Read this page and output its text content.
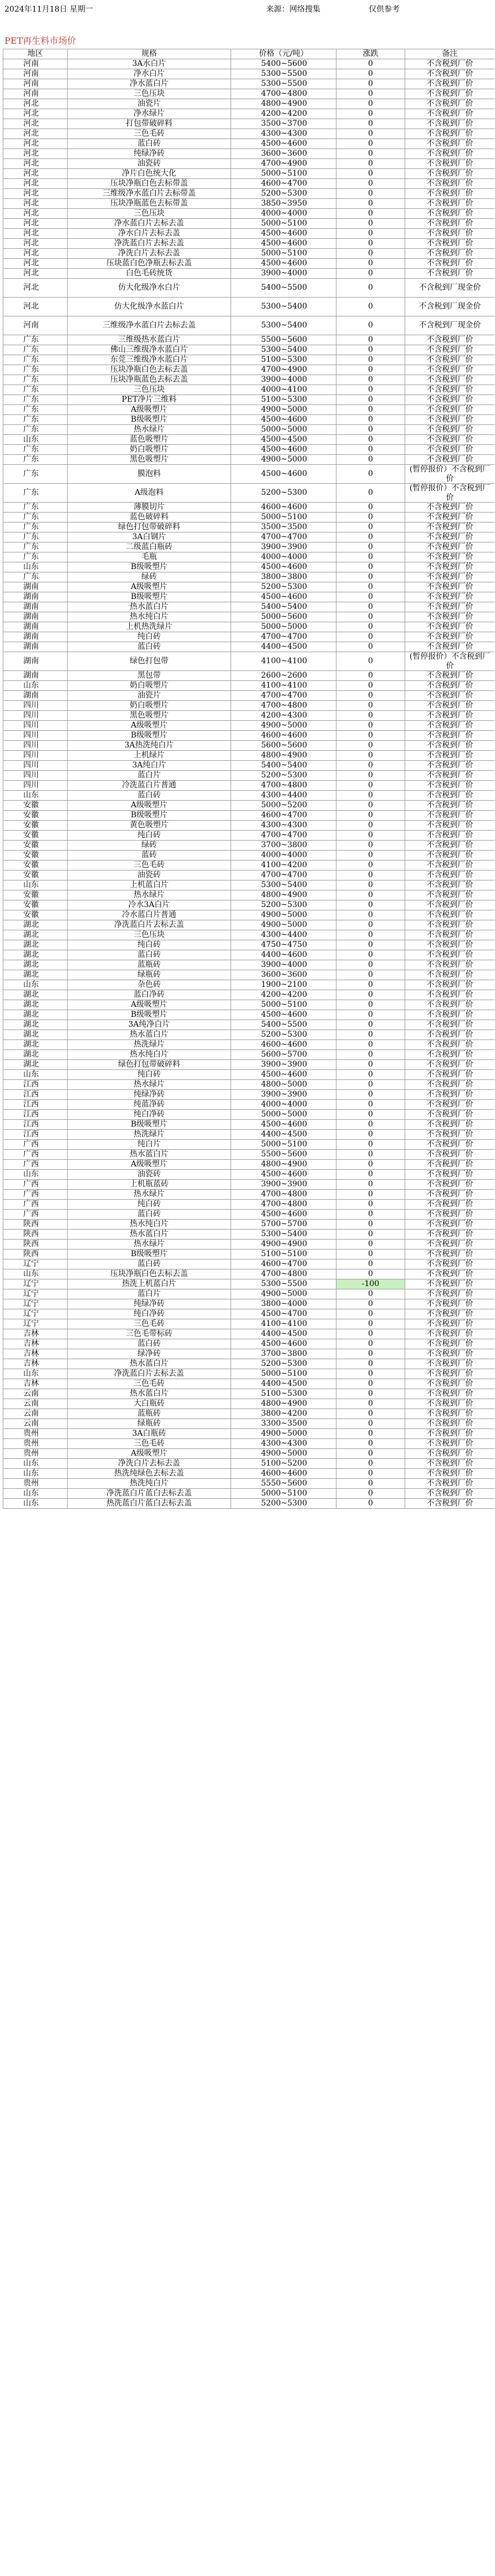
2024年11月18日 星期一	来源：网络搜集	仅供参考
PET再生料市场价
地区	规格	价格（元/吨）	涨跌	备注
河南	3A水白片	5400~5600	0	不含税到厂价
河南	净水白片	5300~5500	0	不含税到厂价
河南	净水蓝白片	5300~5500	0	不含税到厂价
河南	三色压块	4700~4800	0	不含税到厂价
河北	油瓷片	4800~4900	0	不含税到厂价
河北	净水绿片	4200~4200	0	不含税到厂价
河北	打包带破碎料	3500~3700	0	不含税到厂价
河北	三色毛砖	4300~4300	0	不含税到厂价
河北	蓝白砖	4500~4600	0	不含税到厂价
河北	纯绿净砖	3600~3600	0	不含税到厂价
河北	油瓷砖	4700~4900	0	不含税到厂价
河北	净片白色统大化	5000~5100	0	不含税到厂价
河北	压块净瓶白色去标带盖	4600~4700	0	不含税到厂价
河北	三维级净水蓝白片去标带盖	5200~5300	0	不含税到厂价
河北	压块净瓶蓝色去标带盖	3850~3950	0	不含税到厂价
河北	三色压块	4000~4000	0	不含税到厂价
河北	净水蓝白片去标去盖	5000~5100	0	不含税到厂价
河北	净水白片去标去盖	4500~4600	0	不含税到厂价
河北	净洗蓝白片去标去盖	4500~4600	0	不含税到厂价
河北	净洗白片去标去盖	5000~5100	0	不含税到厂价
河北	压块蓝白色净瓶去标去盖	4500~4600	0	不含税到厂价
河北	白色毛砖统货	3900~4000	0	不含税到厂价
河北	仿大化级净水白片	5400~5500	0	不含税到厂现金价
河北	仿大化级净水蓝白片	5300~5400	0	不含税到厂现金价
河南	三维级净水蓝白片去标去盖	5300~5400	0	不含税到厂现金价
广东	三维级热水蓝白片	5500~5600	0	不含税到厂价
广东	佛山三维级净水蓝白片	5300~5400	0	不含税到厂价
广东	东莞三维级净水蓝白片	5100~5300	0	不含税到厂价
广东	压块净瓶白色去标去盖	4700~4900	0	不含税到厂价
广东	压块净瓶蓝色去标去盖	3900~4000	0	不含税到厂价
广东	三色压块	4000~4100	0	不含税到厂价
广东	PET净片三维料	5100~5300	0	不含税到厂价
广东	A级吸塑片	4900~5000	0	不含税到厂价
广东	B级吸塑片	4500~4600	0	不含税到厂价
广东	热水绿片	5000~5000	0	不含税到厂价
山东	蓝色吸塑片	4500~4500	0	不含税到厂价
广东	奶白吸塑片	4500~4600	0	不含税到厂价
广东	黑色吸塑片	4900~5000	0	不含税到厂价
广东	膜泡料	4500~4600	0	(暂停报价）不含税到厂价
广东	A级泡料	5200~5300	0	(暂停报价）不含税到厂价
广东	薄膜切片	4600~4600	0	不含税到厂价
广东	蓝色破碎料	5000~5100	0	不含税到厂价
广东	绿色打包带破碎料	3500~3500	0	不含税到厂价
广东	3A白钢片	4700~4700	0	不含税到厂价
广东	二级蓝白瓶砖	3900~3900	0	不含税到厂价
广东	毛瓶	4000~4000	0	不含税到厂价
山东	B级吸塑片	4500~4600	0	不含税到厂价
广东	绿砖	3800~3800	0	不含税到厂价
湖南	A级吸塑片	5200~5300	0	不含税到厂价
湖南	B级吸塑片	4500~4600	0	不含税到厂价
湖南	热水蓝白片	5400~5400	0	不含税到厂价
湖南	热水纯白片	5000~5600	0	不含税到厂价
湖南	上机热洗绿片	5000~5000	0	不含税到厂价
湖南	纯白砖	4700~4700	0	不含税到厂价
湖南	蓝白砖	4400~4500	0	不含税到厂价
湖南	绿色打包带	4100~4100	0	(暂停报价）不含税到厂价
湖南	黑包带	2600~2600	0	不含税到厂价
山东	奶白吸塑片	4100~4100	0	不含税到厂价
湖南	油瓷片	4700~4700	0	不含税到厂价
四川	奶白吸塑片	4700~4800	0	不含税到厂价
四川	黑色吸塑片	4200~4300	0	不含税到厂价
四川	A级吸塑片	4900~5000	0	不含税到厂价
四川	B级吸塑片	4600~4600	0	不含税到厂价
四川	3A热洗纯白片	5600~5600	0	不含税到厂价
四川	上机绿片	4800~4900	0	不含税到厂价
四川	3A纯白片	5400~5400	0	不含税到厂价
四川	蓝白片	5200~5300	0	不含税到厂价
四川	冷洗蓝白片普通	4700~4800	0	不含税到厂价
山东	蓝白砖	4300~4400	0	不含税到厂价
安徽	A级吸塑片	5000~5200	0	不含税到厂价
安徽	B级吸塑片	4600~4700	0	不含税到厂价
安徽	黄色吸塑片	4300~4300	0	不含税到厂价
安徽	纯白砖	4700~4700	0	不含税到厂价
安徽	绿砖	3700~3800	0	不含税到厂价
安徽	蓝砖	4000~4000	0	不含税到厂价
安徽	三色毛砖	4100~4200	0	不含税到厂价
安徽	油瓷砖	4700~4700	0	不含税到厂价
山东	上机蓝白片	5300~5400	0	不含税到厂价
安徽	热水绿片	4800~4900	0	不含税到厂价
安徽	冷水3A白片	5200~5300	0	不含税到厂价
安徽	冷水蓝白片普通	4900~5000	0	不含税到厂价
湖北	净洗蓝白片去标去盖	4900~5000	0	不含税到厂价
湖北	三色压块	4300~4400	0	不含税到厂价
湖北	纯白砖	4750~4750	0	不含税到厂价
湖北	蓝白砖	4400~4600	0	不含税到厂价
湖北	蓝瓶砖	3900~4000	0	不含税到厂价
湖北	绿瓶砖	3600~3600	0	不含税到厂价
山东	杂色砖	1900~2100	0	不含税到厂价
湖北	蓝白净砖	4200~4200	0	不含税到厂价
湖北	A级吸塑片	5000~5100	0	不含税到厂价
湖北	B级吸塑片	4500~4600	0	不含税到厂价
湖北	3A纯净白片	5400~5500	0	不含税到厂价
湖北	热水蓝白片	5200~5300	0	不含税到厂价
湖北	热洗绿片	4600~4600	0	不含税到厂价
湖北	热水纯白片	5600~5700	0	不含税到厂价
湖北	绿色打包带破碎料	3900~3900	0	不含税到厂价
山东	纯白砖	4500~4600	0	不含税到厂价
江西	热水绿片	4800~5000	0	不含税到厂价
江西	纯绿净砖	3900~3900	0	不含税到厂价
江西	纯蓝净砖	4000~4000	0	不含税到厂价
江西	纯白净砖	5000~5000	0	不含税到厂价
江西	B级吸塑片	4500~4600	0	不含税到厂价
江西	热洗绿片	4400~4500	0	不含税到厂价
广西	纯白片	5000~5100	0	不含税到厂价
广西	热水蓝白片	5500~5600	0	不含税到厂价
广西	A级吸塑片	4800~4900	0	不含税到厂价
山东	油瓷砖	4500~4600	0	不含税到厂价
广西	上机瓶蓝砖	3900~3900	0	不含税到厂价
广西	热水绿片	4700~4800	0	不含税到厂价
广西	纯白砖	4700~4800	0	不含税到厂价
广西	蓝白砖	4500~4600	0	不含税到厂价
陕西	热水纯白片	5700~5700	0	不含税到厂价
陕西	热水蓝白片	5300~5400	0	不含税到厂价
陕西	热水绿片	4900~4900	0	不含税到厂价
陕西	B级吸塑片	5100~5100	0	不含税到厂价
辽宁	蓝白砖	4600~4700	0	不含税到厂价
山东	压块净瓶白色去标去盖	4700~4800	0	不含税到厂价
辽宁	热洗上机蓝白片	5300~5500	-100	不含税到厂价
辽宁	蓝白片	4900~5000	0	不含税到厂价
辽宁	纯绿净砖	3800~4000	0	不含税到厂价
辽宁	纯白净砖	4500~4700	0	不含税到厂价
辽宁	三色毛砖	4100~4100	0	不含税到厂价
吉林	三色毛带标砖	4400~4500	0	不含税到厂价
吉林	蓝白砖	4500~4600	0	不含税到厂价
吉林	绿净砖	3700~3800	0	不含税到厂价
吉林	热水蓝白片	5200~5300	0	不含税到厂价
山东	净洗蓝白片去标去盖	5000~5100	0	不含税到厂价
吉林	三色毛砖	4400~4500	0	不含税到厂价
云南	热水蓝白片	5100~5300	0	不含税到厂价
云南	大白瓶砖	4800~4900	0	不含税到厂价
云南	蓝瓶砖	3800~4200	0	不含税到厂价
云南	绿瓶砖	3300~3500	0	不含税到厂价
贵州	3A白瓶砖	4900~5000	0	不含税到厂价
贵州	三色毛砖	4300~4300	0	不含税到厂价
贵州	A级吸塑片	4900~5000	0	不含税到厂价
山东	净洗白片去标去盖	5100~5200	0	不含税到厂价
山东	热洗纯绿色去标去盖	4600~4600	0	不含税到厂价
贵州	热洗纯白片	5550~5600	0	不含税到厂价
山东	净洗蓝白片蓝白去标去盖	5000~5100	0	不含税到厂价
山东	热洗蓝白片蓝白去标去盖	5200~5300	0	不含税到厂价
